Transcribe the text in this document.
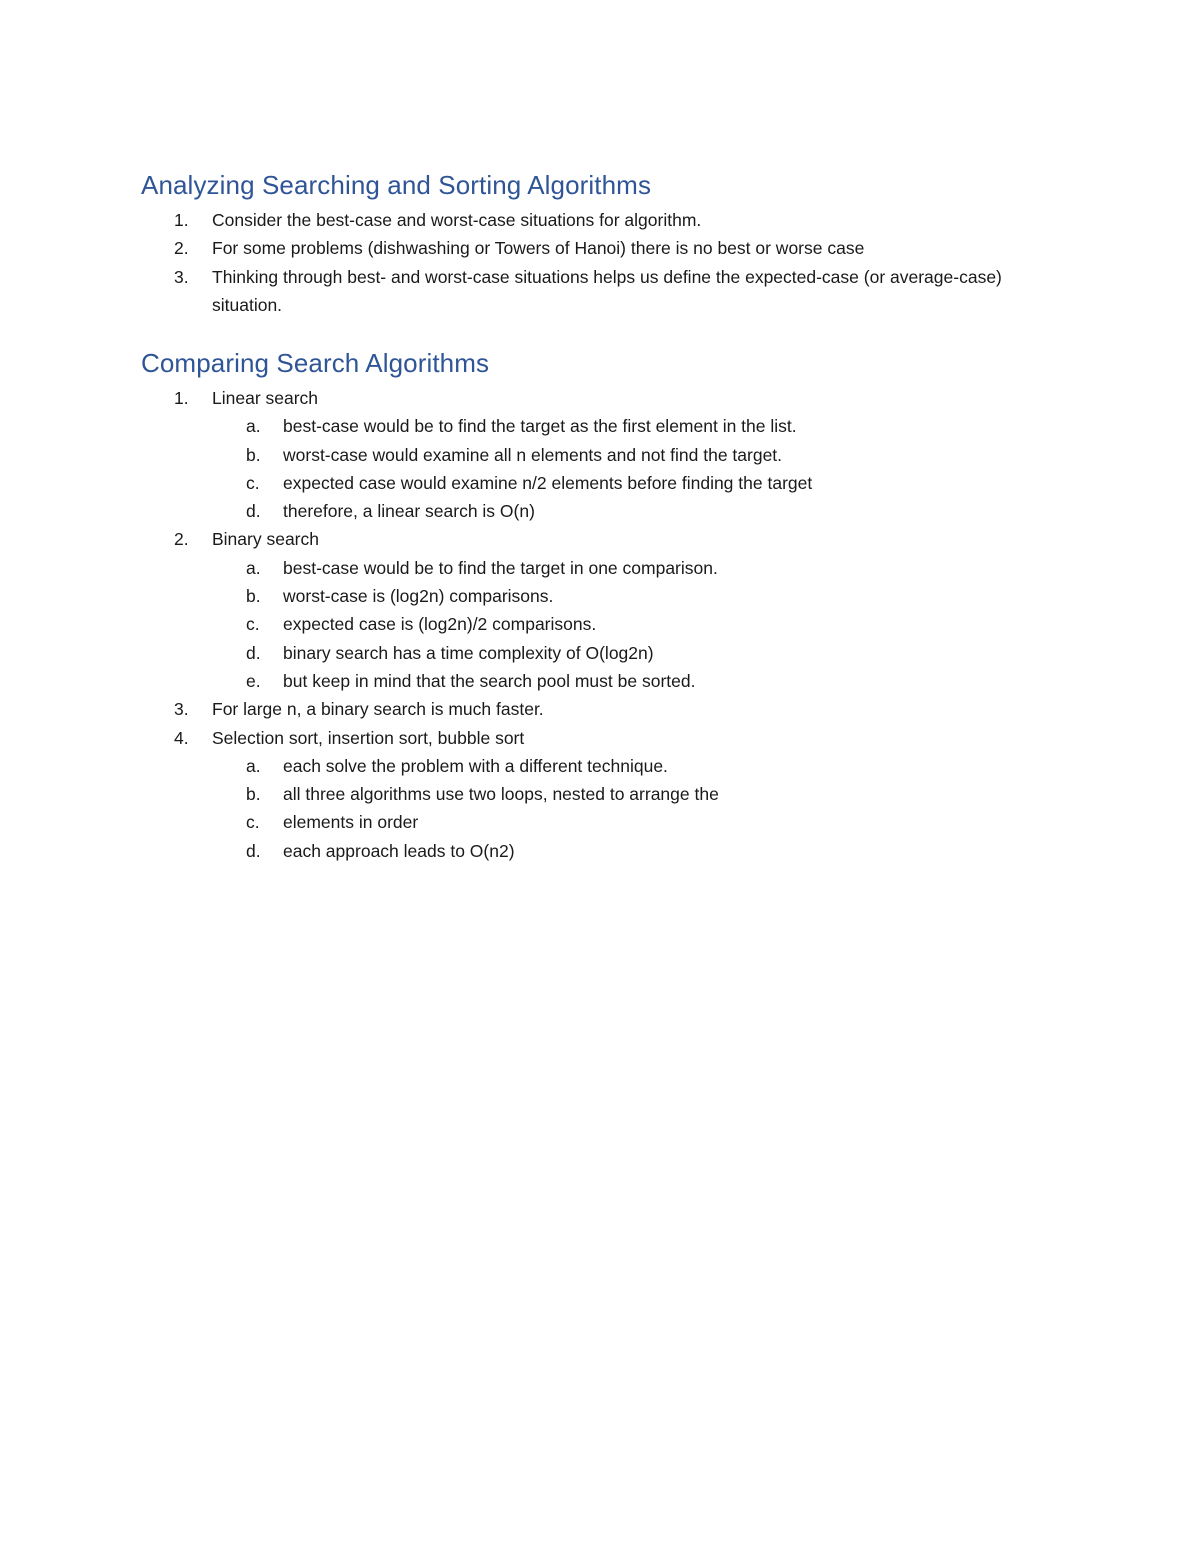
Analyzing Searching and Sorting Algorithms
1. Consider the best-case and worst-case situations for algorithm.
2. For some problems (dishwashing or Towers of Hanoi) there is no best or worse case
3. Thinking through best- and worst-case situations helps us define the expected-case (or average-case) situation.
Comparing Search Algorithms
1. Linear search
a. best-case would be to find the target as the first element in the list.
b. worst-case would examine all n elements and not find the target.
c. expected case would examine n/2 elements before finding the target
d. therefore, a linear search is O(n)
2. Binary search
a. best-case would be to find the target in one comparison.
b. worst-case is (log2n) comparisons.
c. expected case is (log2n)/2 comparisons.
d. binary search has a time complexity of O(log2n)
e. but keep in mind that the search pool must be sorted.
3. For large n, a binary search is much faster.
4. Selection sort, insertion sort, bubble sort
a. each solve the problem with a different technique.
b. all three algorithms use two loops, nested to arrange the
c. elements in order
d. each approach leads to O(n2)
